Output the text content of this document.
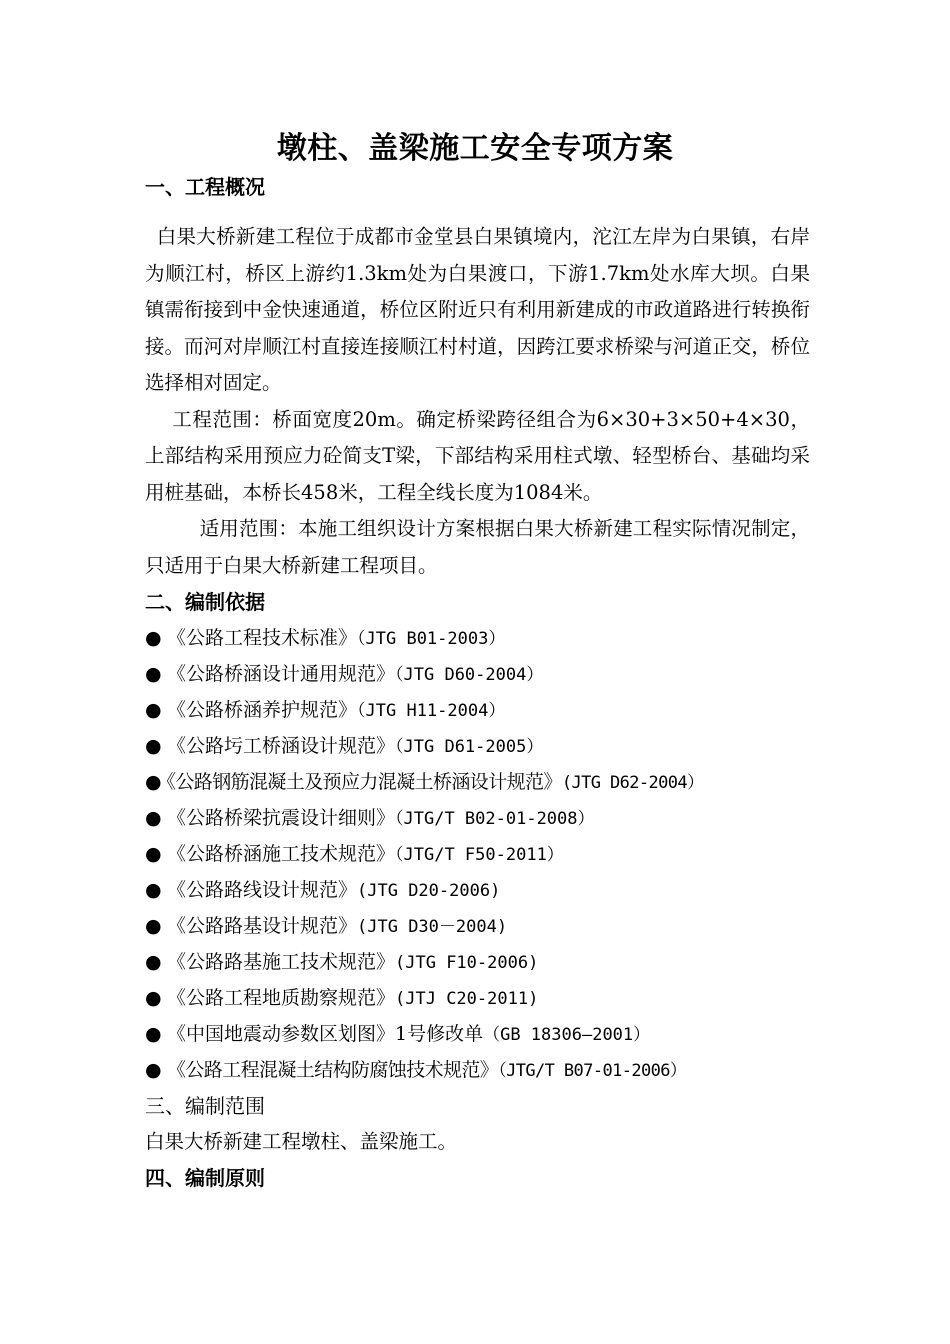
墩柱、盖梁施工安全专项方案
一、工程概况

白果大桥新建工程位于成都市金堂县白果镇境内，沱江左岸为白果镇，右岸为顺江村，桥区上游约1.3km处为白果渡口，下游1.7km处水库大坝。白果镇需衔接到中金快速通道，桥位区附近只有利用新建成的市政道路进行转换衔接。而河对岸顺江村直接连接顺江村村道，因跨江要求桥梁与河道正交，桥位选择相对固定。

工程范围：桥面宽度20m。确定桥梁跨径组合为6×30+3×50+4×30，上部结构采用预应力砼简支T梁，下部结构采用柱式墩、轻型桥台、基础均采用桩基础，本桥长458米，工程全线长度为1084米。

适用范围：本施工组织设计方案根据白果大桥新建工程实际情况制定，只适用于白果大桥新建工程项目。

二、编制依据
● 《公路工程技术标准》（JTG B01-2003）
● 《公路桥涵设计通用规范》（JTG D60-2004）
● 《公路桥涵养护规范》（JTG H11-2004）
● 《公路圬工桥涵设计规范》（JTG D61-2005）
●《公路钢筋混凝土及预应力混凝土桥涵设计规范》(JTG D62-2004）
● 《公路桥梁抗震设计细则》（JTG/T B02-01-2008）
● 《公路桥涵施工技术规范》（JTG/T F50-2011）
● 《公路路线设计规范》(JTG D20-2006)
● 《公路路基设计规范》(JTG D30－2004)
● 《公路路基施工技术规范》(JTG F10-2006)
● 《公路工程地质勘察规范》(JTJ C20-2011)
● 《中国地震动参数区划图》1号修改单（GB 18306—2001）
● 《公路工程混凝土结构防腐蚀技术规范》（JTG/T B07-01-2006）
三、编制范围
白果大桥新建工程墩柱、盖梁施工。
四、编制原则
